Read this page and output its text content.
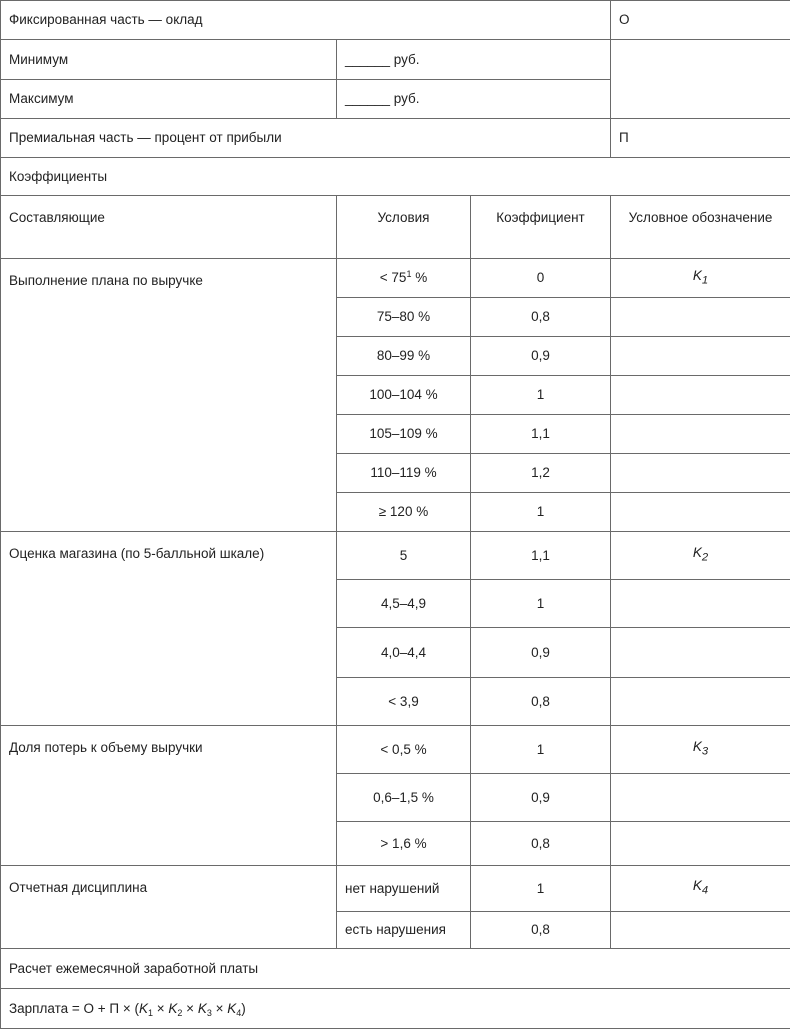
Фиксированная часть — оклад			О
Минимум	______ руб.		
Максимум	______ руб.		
Премиальная часть — процент от прибыли			П
Коэффициенты			
Составляющие	Условия	Коэффициент	Условное обозначение
Выполнение плана по выручке	< 75$^1$ %	0	$K_1$
	75–80 %	0,8	
	80–99 %	0,9	
	100–104 %	1	
	105–109 %	1,1	
	110–119 %	1,2	
	≥ 120 %	1	
Оценка магазина (по 5-балльной шкале)	5	1,1	$K_2$
	4,5–4,9	1	
	4,0–4,4	0,9	
	< 3,9	0,8	
Доля потерь к объему выручки	< 0,5 %	1	$K_3$
	0,6–1,5 %	0,9	
	> 1,6 %	0,8	
Отчетная дисциплина	нет нарушений	1	$K_4$
	есть нарушения	0,8	
Расчет ежемесячной заработной платы			
Зарплата = $О + П \times (K_1 \times K_2 \times K_3 \times K_4)$			
